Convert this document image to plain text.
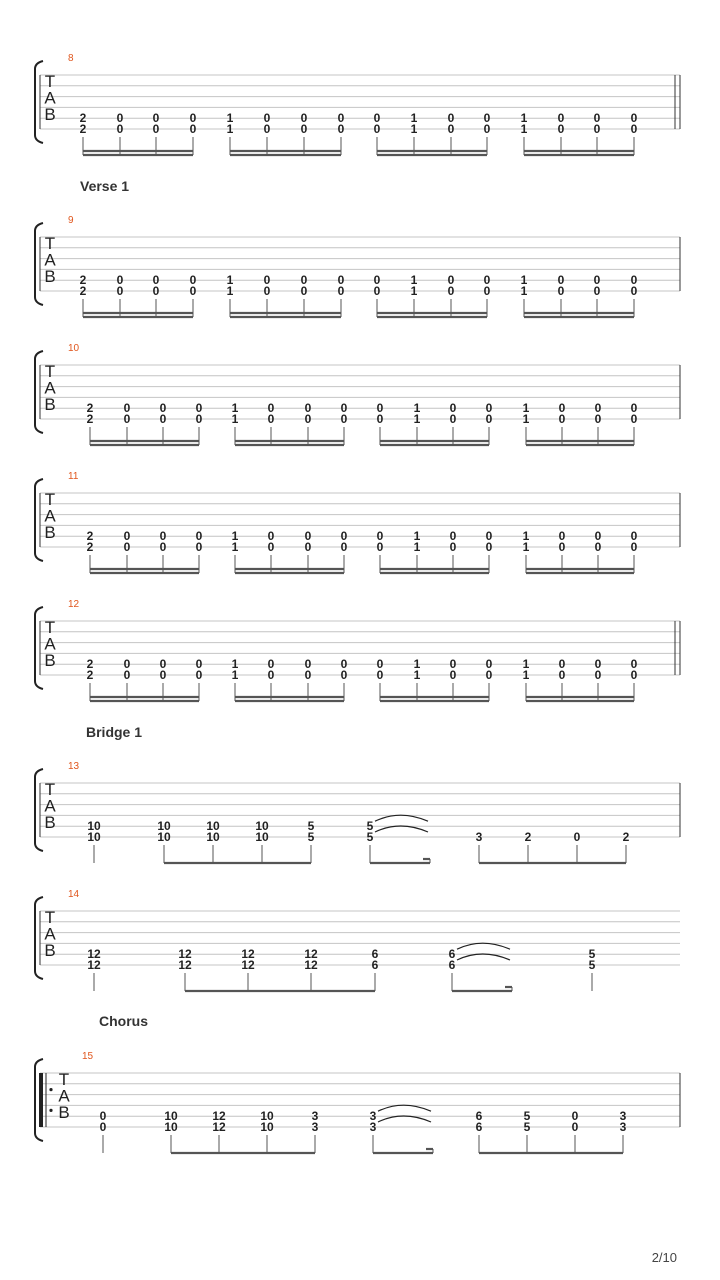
8
T
A
B 2
2
0
0
0
0
0
0
1
1
0
0
0
0
0
0
0
0
1
1
0
0
0
0
1
1
0
0
0
0
0
0
9
Verse 1
T
A
B 2
2
0
0
0
0
0
0
1
1
0
0
0
0
0
0
0
0
1
1
0
0
0
0
1
1
0
0
0
0
0
0
10
T
A
B	2
2
0
0
0
0
0
0
1
1
0
0
0
0
0
0
0
0
1
1
0
0
0
0
1
1
0
0
0
0
0
0
11
T
A
B	2
2
0
0
0
0
0
0
1
1
0
0
0
0
0
0
0
0
1
1
0
0
0
0
1
1
0
0
0
0
0
0
12
T
A
B	2
2
0
0
0
0
0
0
1
1
0
0
0
0
0
0
0
0
1
1
0
0
0
0
1
1
0
0
0
0
0
0
13
Bridge 1
T
A
B	10
10
10
10
10
10
10
10
5
5
5
5	3	2	0	2
14
T
A
B	12
12
12
12
12
12
12
12
6
6
6
6
5
5
15
Chorus
T
A
B 0
0
10
10
12
12
10
10
3
3
3
3
6
6
5
5
0
0
3
3
2/10
